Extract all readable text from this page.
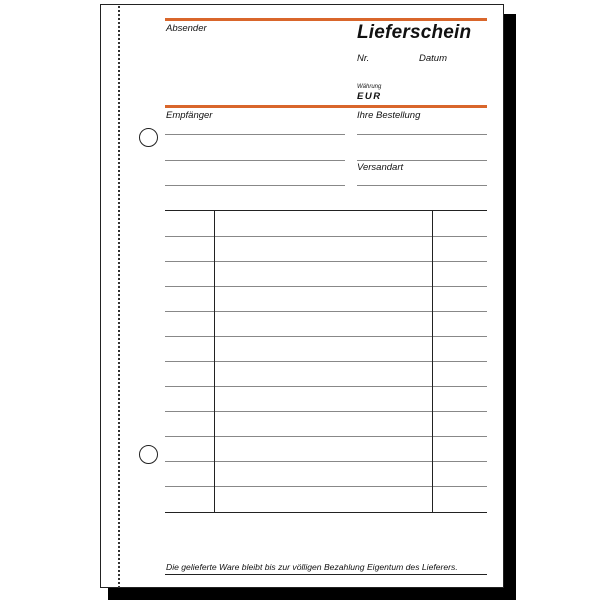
Absender	Lieferschein
Nr.	Datum
Währung
EUR
Empfänger	Ihre Bestellung
Versandart
Die gelieferte Ware bleibt bis zur völligen Bezahlung Eigentum des Lieferers.
